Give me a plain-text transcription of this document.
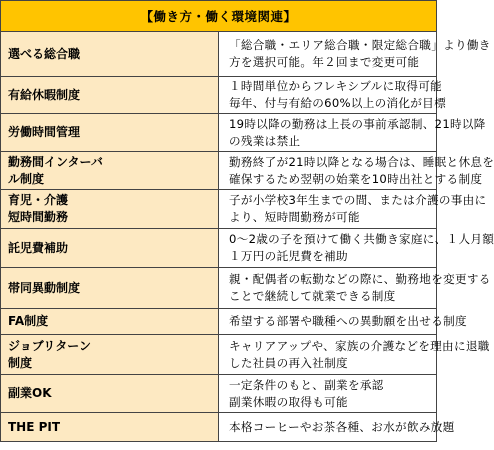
【働き方・働く環境関連】	

選べる総合職	「総合職・エリア総合職・限定総合職」より働き
方を選択可能。年２回まで変更可能

有給休暇制度	１時間単位からフレキシブルに取得可能
毎年、付与有給の60%以上の消化が目標

労働時間管理	19時以降の勤務は上長の事前承認制、21時以降
の残業は禁止

勤務間インターバ
ル制度	勤務終了が21時以降となる場合は、睡眠と休息を
確保するため翌朝の始業を10時出社とする制度

育児・介護
短時間勤務	子が小学校3年生までの間、または介護の事由に
より、短時間勤務が可能

託児費補助	0～2歳の子を預けて働く共働き家庭に、１人月額
１万円の託児費を補助

帯同異動制度	親・配偶者の転勤などの際に、勤務地を変更する
ことで継続して就業できる制度

FA制度	希望する部署や職種への異動願を出せる制度

ジョブリターン
制度	キャリアアップや、家族の介護などを理由に退職
した社員の再入社制度

副業OK	一定条件のもと、副業を承認
副業休暇の取得も可能

THE PIT	本格コーヒーやお茶各種、お水が飲み放題
